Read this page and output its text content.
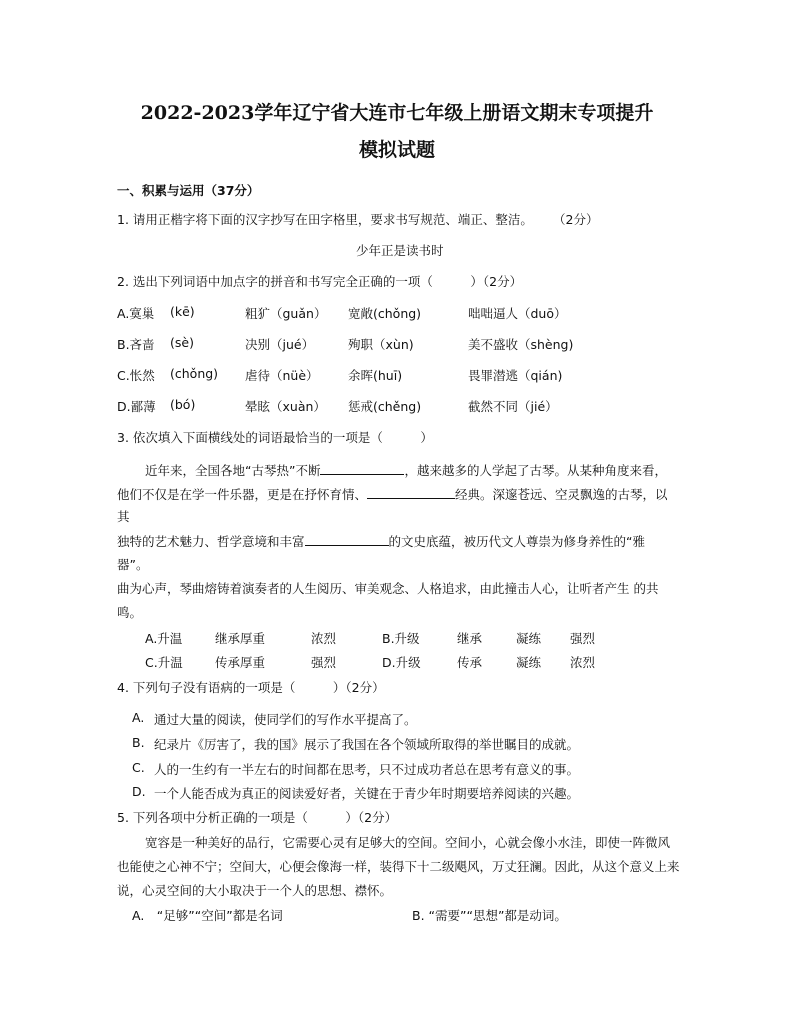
2022-2023学年辽宁省大连市七年级上册语文期末专项提升
模拟试题
一、积累与运用（37分）
1. 请用正楷字将下面的汉字抄写在田字格里，要求书写规范、端正、整洁。 （2分）
少年正是读书时
2. 选出下列词语中加点字的拼音和书写完全正确的一项（　　　）（2分）
A.寞巢 (kē)	粗犷（guǎn） 宽敞(chǒng)	咄咄逼人（duō）
B.吝啬 (sè)	决别（jué）	殉职（xùn)	美不盛收（shèng)
C.怅然 (chǒng) 虐待（nüè） 余晖(huī)	畏罪潜逃（qián)
D.鄙薄 (bó)	晕眩（xuàn） 惩戒(chěng)	截然不同（jié）
3. 依次填入下面横线处的词语最恰当的一项是（　　　）
近年来，全国各地“古琴热”不断	，越来越多的人学起了古琴。从某种角度来看，
他们不仅是在学一件乐器，更是在抒怀育情、	经典。深邃苍远、空灵飘逸的古琴，以
其
独特的艺术魅力、哲学意境和丰富	的文史底蕴，被历代文人尊崇为修身养性的“雅
器”。
曲为心声，琴曲熔铸着演奏者的人生阅历、审美观念、人格追求，由此撞击人心，让听者产生 的共
鸣。
A.升温	继承厚重	浓烈	B.升级	继承	凝练 强烈
C.升温	传承厚重	强烈	D.升级	传承	凝练 浓烈
4. 下列句子没有语病的一项是（　　　）（2分）
A. 通过大量的阅读，使同学们的写作水平提高了。
B. 纪录片《厉害了，我的国》展示了我国在各个领域所取得的举世瞩目的成就。
C. 人的一生约有一半左右的时间都在思考，只不过成功者总在思考有意义的事。
D. 一个人能否成为真正的阅读爱好者，关键在于青少年时期要培养阅读的兴趣。
5. 下列各项中分析正确的一项是（　　　）（2分）
宽容是一种美好的品行，它需要心灵有足够大的空间。空间小，心就会像小水洼，即使一阵微风
也能使之心神不宁；空间大，心便会像海一样，装得下十二级飓风，万丈狂澜。因此，从这个意义上来
说，心灵空间的大小取决于一个人的思想、襟怀。
A.　“足够”“空间”都是名词	B. “需要”“思想”都是动词。
